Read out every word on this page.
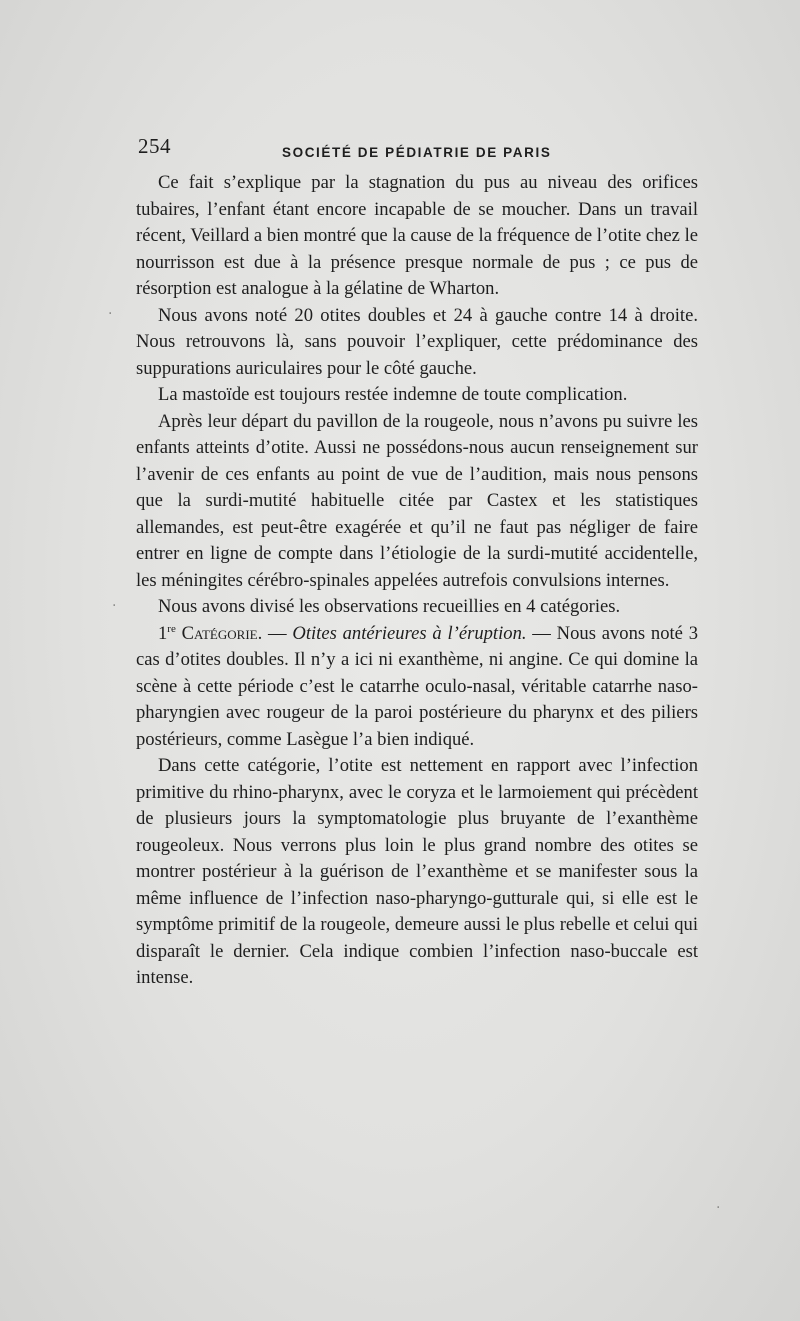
254	SOCIÉTÉ DE PÉDIATRIE DE PARIS

Ce fait s’explique par la stagnation du pus au niveau des orifices tubaires, l’enfant étant encore incapable de se moucher. Dans un travail récent, Veillard a bien montré que la cause de la fréquence de l’otite chez le nourrisson est due à la présence presque normale de pus ; ce pus de résorption est analogue à la gélatine de Wharton.

Nous avons noté 20 otites doubles et 24 à gauche contre 14 à droite. Nous retrouvons là, sans pouvoir l’expliquer, cette prédominance des suppurations auriculaires pour le côté gauche.

La mastoïde est toujours restée indemne de toute complication.

Après leur départ du pavillon de la rougeole, nous n’avons pu suivre les enfants atteints d’otite. Aussi ne possédons-nous aucun renseignement sur l’avenir de ces enfants au point de vue de l’audition, mais nous pensons que la surdi-mutité habituelle citée par Castex et les statistiques allemandes, est peut-être exagérée et qu’il ne faut pas négliger de faire entrer en ligne de compte dans l’étiologie de la surdi-mutité accidentelle, les méningites cérébro-spinales appelées autrefois convulsions internes.

Nous avons divisé les observations recueillies en 4 catégories.

1re Catégorie. — Otites antérieures à l’éruption. — Nous avons noté 3 cas d’otites doubles. Il n’y a ici ni exanthème, ni angine. Ce qui domine la scène à cette période c’est le catarrhe oculo-nasal, véritable catarrhe naso-pharyngien avec rougeur de la paroi postérieure du pharynx et des piliers postérieurs, comme Lasègue l’a bien indiqué.

Dans cette catégorie, l’otite est nettement en rapport avec l’infection primitive du rhino-pharynx, avec le coryza et le larmoiement qui précèdent de plusieurs jours la symptomatologie plus bruyante de l’exanthème rougeoleux. Nous verrons plus loin le plus grand nombre des otites se montrer postérieur à la guérison de l’exanthème et se manifester sous la même influence de l’infection naso-pharyngo-gutturale qui, si elle est le symptôme primitif de la rougeole, demeure aussi le plus rebelle et celui qui disparaît le dernier. Cela indique combien l’infection naso-buccale est intense.

·
·
·
